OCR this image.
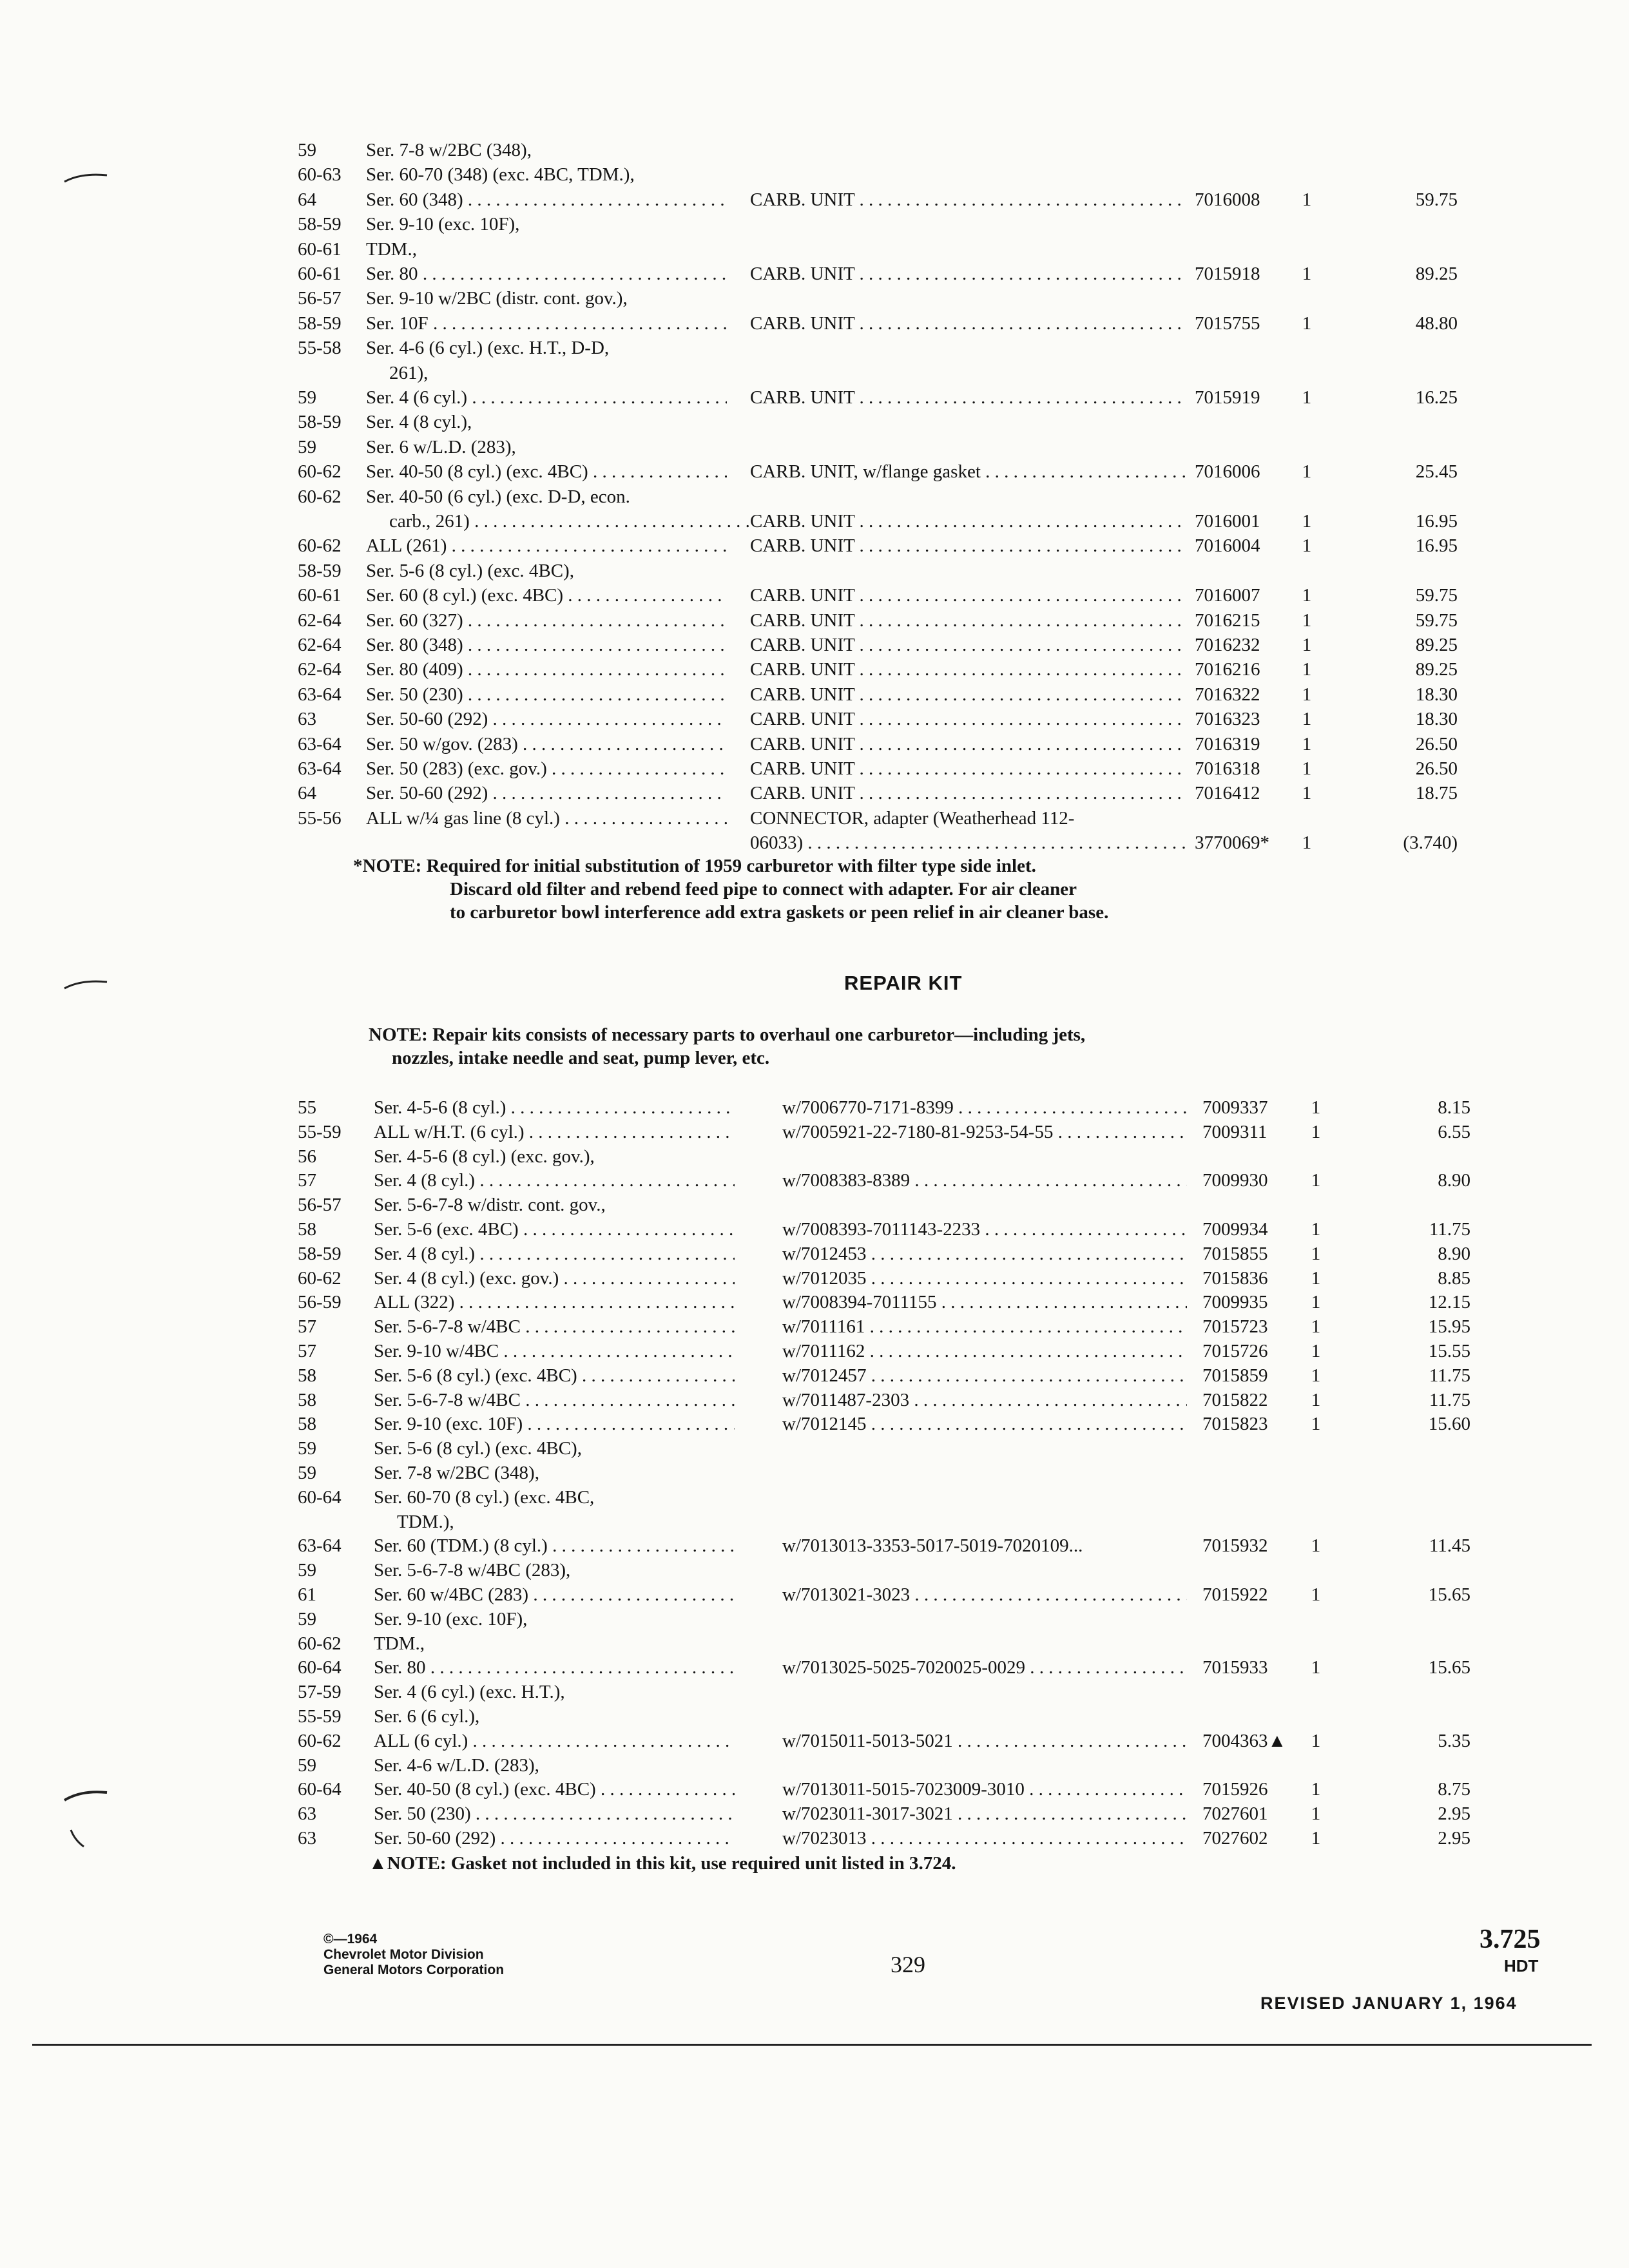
59	Ser. 7-8 w/2BC (348),
60-63 Ser. 60-70 (348) (exc. 4BC, TDM.),
64	Ser. 60 (348) . . .	CARB. UNIT . . .	7016008	1	59.75
58-59 Ser. 9-10 (exc. 10F),
60-61 TDM.,
60-61 Ser. 80 . . .	CARB. UNIT . . .	7015918	1	89.25
56-57 Ser. 9-10 w/2BC (distr. cont. gov.),
58-59 Ser. 10F . . .	CARB. UNIT . . .	7015755	1	48.80
55-58 Ser. 4-6 (6 cyl.) (exc. H.T., D-D,
261),
59	Ser. 4 (6 cyl.) . . .	CARB. UNIT . . .	7015919	1	16.25
58-59 Ser. 4 (8 cyl.),
59	Ser. 6 w/L.D. (283),
60-62 Ser. 40-50 (8 cyl.) (exc. 4BC) . . .	CARB. UNIT, w/flange gasket . . .	7016006	1	25.45
60-62 Ser. 40-50 (6 cyl.) (exc. D-D, econ.
carb., 261) . . .	CARB. UNIT . . .	7016001	1	16.95
60-62 ALL (261) . . .	CARB. UNIT . . .	7016004	1	16.95
58-59 Ser. 5-6 (8 cyl.) (exc. 4BC),
60-61 Ser. 60 (8 cyl.) (exc. 4BC) . . .	CARB. UNIT . . .	7016007	1	59.75
62-64 Ser. 60 (327) . . .	CARB. UNIT . . .	7016215	1	59.75
62-64 Ser. 80 (348) . . .	CARB. UNIT . . .	7016232	1	89.25
62-64 Ser. 80 (409) . . .	CARB. UNIT . . .	7016216	1	89.25
63-64 Ser. 50 (230) . . .	CARB. UNIT . . .	7016322	1	18.30
63	Ser. 50-60 (292) . . .	CARB. UNIT . . .	7016323	1	18.30
63-64 Ser. 50 w/gov. (283) . . .	CARB. UNIT . . .	7016319	1	26.50
63-64 Ser. 50 (283) (exc. gov.) . . .	CARB. UNIT . . .	7016318	1	26.50
64	Ser. 50-60 (292) . . .	CARB. UNIT . . .	7016412	1	18.75
55-56 ALL w/¼ gas line (8 cyl.) . . .	CONNECTOR, adapter (Weatherhead 112-
06033) . . .	3770069*	1	(3.740)
*NOTE: Required for initial substitution of 1959 carburetor with filter type side inlet.
Discard old filter and rebend feed pipe to connect with adapter. For air cleaner
to carburetor bowl interference add extra gaskets or peen relief in air cleaner base.
REPAIR KIT
NOTE: Repair kits consists of necessary parts to overhaul one carburetor—including jets,
nozzles, intake needle and seat, pump lever, etc.
55	Ser. 4-5-6 (8 cyl.) . . .	w/7006770-7171-8399 . . .	7009337	1	8.15
55-59 ALL w/H.T. (6 cyl.) . . .	w/7005921-22-7180-81-9253-54-55 . . .	7009311	1	6.55
56	Ser. 4-5-6 (8 cyl.) (exc. gov.),
57	Ser. 4 (8 cyl.) . . .	w/7008383-8389 . . .	7009930	1	8.90
56-57 Ser. 5-6-7-8 w/distr. cont. gov.,
58	Ser. 5-6 (exc. 4BC) . . .	w/7008393-7011143-2233 . . .	7009934	1	11.75
58-59 Ser. 4 (8 cyl.) . . .	w/7012453 . . .	7015855	1	8.90
60-62 Ser. 4 (8 cyl.) (exc. gov.) . . .	w/7012035 . . .	7015836	1	8.85
56-59 ALL (322) . . .	w/7008394-7011155 . . .	7009935	1	12.15
57	Ser. 5-6-7-8 w/4BC . . .	w/7011161 . . .	7015723	1	15.95
57	Ser. 9-10 w/4BC . . .	w/7011162 . . .	7015726	1	15.55
58	Ser. 5-6 (8 cyl.) (exc. 4BC) . . .	w/7012457 . . .	7015859	1	11.75
58	Ser. 5-6-7-8 w/4BC . . .	w/7011487-2303 . . .	7015822	1	11.75
58	Ser. 9-10 (exc. 10F) . . .	w/7012145 . . .	7015823	1	15.60
59	Ser. 5-6 (8 cyl.) (exc. 4BC),
59	Ser. 7-8 w/2BC (348),
60-64 Ser. 60-70 (8 cyl.) (exc. 4BC,
TDM.),
63-64 Ser. 60 (TDM.) (8 cyl.) . . .	w/7013013-3353-5017-5019-7020109...	7015932	1	11.45
59	Ser. 5-6-7-8 w/4BC (283),
61	Ser. 60 w/4BC (283) . . .	w/7013021-3023 . . .	7015922	1	15.65
59	Ser. 9-10 (exc. 10F),
60-62 TDM.,
60-64 Ser. 80 . . .	w/7013025-5025-7020025-0029 . . .	7015933	1	15.65
57-59 Ser. 4 (6 cyl.) (exc. H.T.),
55-59 Ser. 6 (6 cyl.),
60-62 ALL (6 cyl.) . . .	w/7015011-5013-5021 . . .	7004363▲	1	5.35
59	Ser. 4-6 w/L.D. (283),
60-64 Ser. 40-50 (8 cyl.) (exc. 4BC) . . .	w/7013011-5015-7023009-3010 . . .	7015926	1	8.75
63	Ser. 50 (230) . . .	w/7023011-3017-3021 . . .	7027601	1	2.95
63	Ser. 50-60 (292) . . .	w/7023013 . . .	7027602	1	2.95
▲NOTE: Gasket not included in this kit, use required unit listed in 3.724.
©—1964
Chevrolet Motor Division
General Motors Corporation	329
3.725
HDT
REVISED JANUARY 1, 1964
